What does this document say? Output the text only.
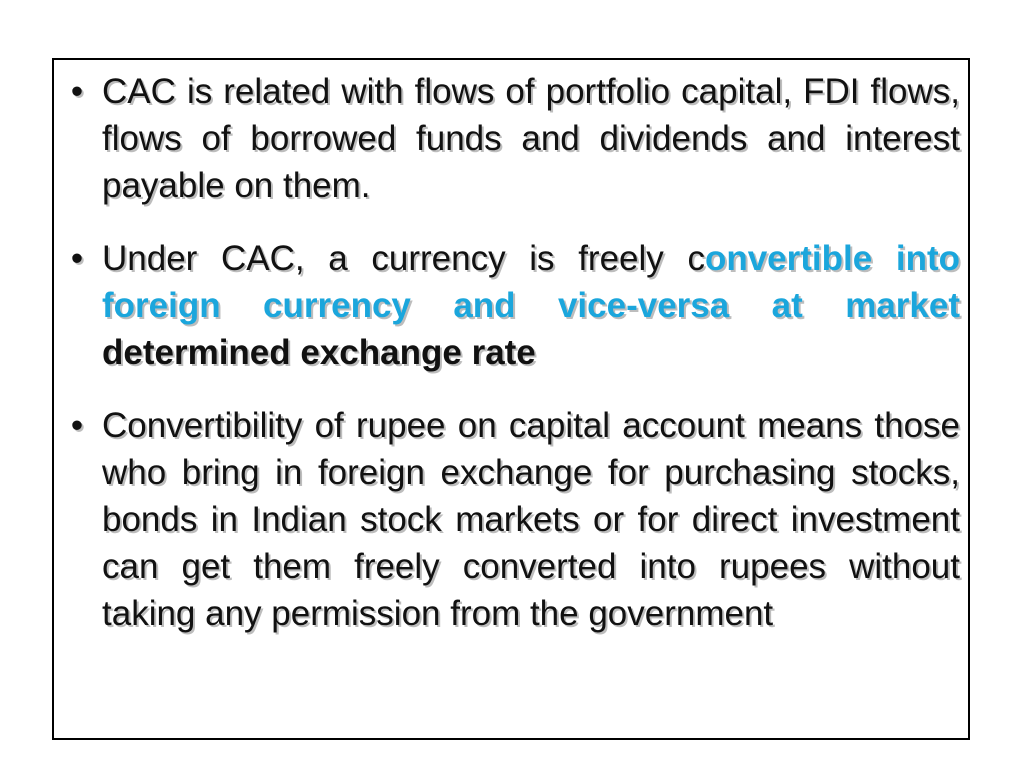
• CAC is related with flows of portfolio capital, FDI flows, flows of borrowed funds and dividends and interest payable on them.
• Under CAC, a currency is freely convertible into foreign currency and vice-versa at market determined exchange rate
• Convertibility of rupee on capital account means those who bring in foreign exchange for purchasing stocks, bonds in Indian stock markets or for direct investment can get them freely converted into rupees without taking any permission from the government
